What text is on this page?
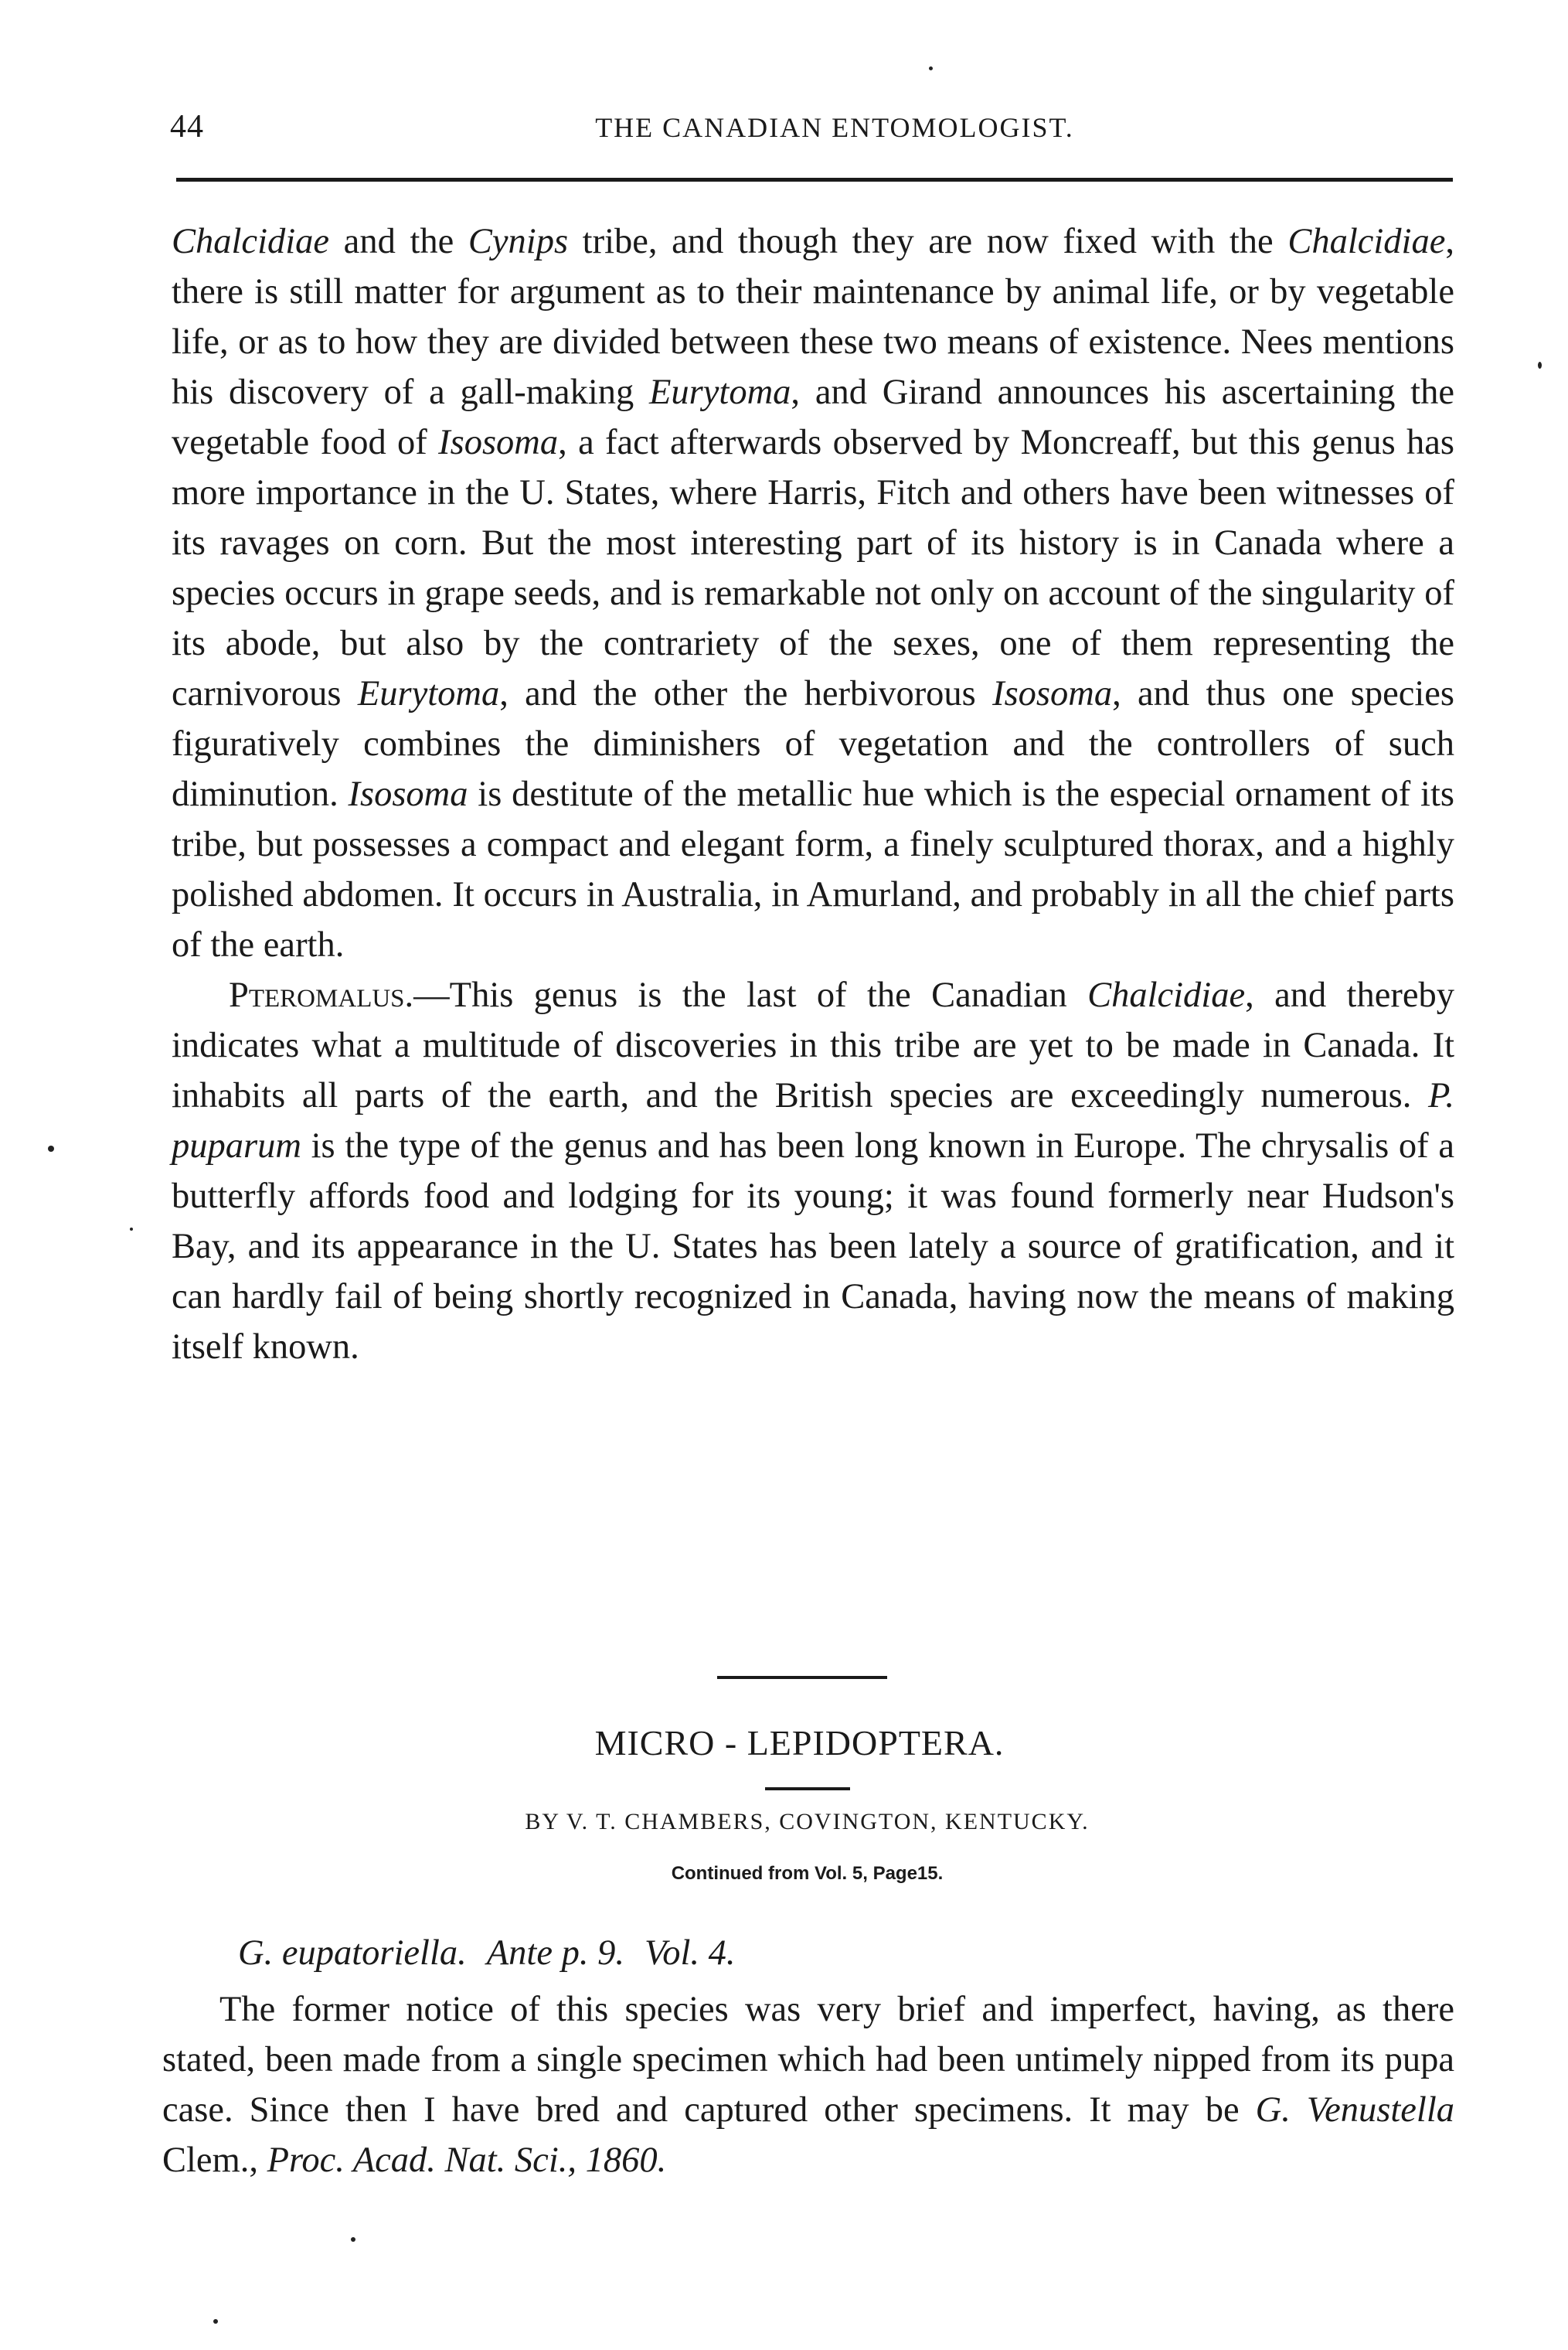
44	THE CANADIAN ENTOMOLOGIST.

Chalcidiae and the Cynips tribe, and though they are now fixed with the Chalcidiae, there is still matter for argument as to their maintenance by animal life, or by vegetable life, or as to how they are divided between these two means of existence. Nees mentions his discovery of a gall-making Eurytoma, and Girand announces his ascertaining the vegetable food of Isosoma, a fact afterwards observed by Moncreaff, but this genus has more importance in the U. States, where Harris, Fitch and others have been witnesses of its ravages on corn. But the most interesting part of its history is in Canada where a species occurs in grape seeds, and is remarkable not only on account of the singularity of its abode, but also by the contrariety of the sexes, one of them representing the carnivorous Eurytoma, and the other the herbivorous Isosoma, and thus one species figuratively combines the diminishers of vegetation and the controllers of such diminution. Isosoma is destitute of the metallic hue which is the especial ornament of its tribe, but possesses a compact and elegant form, a finely sculptured thorax, and a highly polished abdomen. It occurs in Australia, in Amurland, and probably in all the chief parts of the earth.

Pteromalus.—This genus is the last of the Canadian Chalcidiae, and thereby indicates what a multitude of discoveries in this tribe are yet to be made in Canada. It inhabits all parts of the earth, and the British species are exceedingly numerous. P. puparum is the type of the genus and has been long known in Europe. The chrysalis of a butterfly affords food and lodging for its young; it was found formerly near Hudson's Bay, and its appearance in the U. States has been lately a source of gratification, and it can hardly fail of being shortly recognized in Canada, having now the means of making itself known.

MICRO - LEPIDOPTERA.
BY V. T. CHAMBERS, COVINGTON, KENTUCKY.
Continued from Vol. 5, Page15.

G. eupatoriella. Ante p. 9. Vol. 4.

The former notice of this species was very brief and imperfect, having, as there stated, been made from a single specimen which had been untimely nipped from its pupa case. Since then I have bred and captured other specimens. It may be G. Venustella Clem., Proc. Acad. Nat. Sci., 1860.
